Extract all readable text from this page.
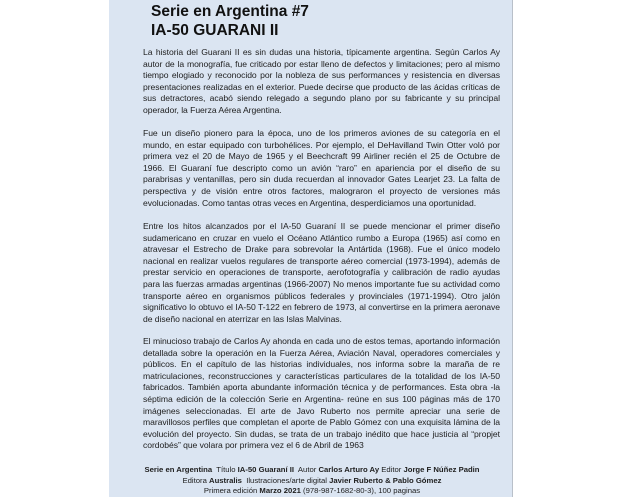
Serie en Argentina #7
IA-50 GUARANI II

La historia del Guarani II es sin dudas una historia, típicamente argentina. Según Carlos Ay autor de la monografía, fue criticado por estar lleno de defectos y limitaciones; pero al mismo tiempo elogiado y reconocido por la nobleza de sus performances y resistencia en diversas presentaciones realizadas en el exterior. Puede decirse que producto de las ácidas críticas de sus detractores, acabó siendo relegado a segundo plano por su fabricante y su principal operador, la Fuerza Aérea Argentina.

Fue un diseño pionero para la época, uno de los primeros aviones de su categoría en el mundo, en estar equipado con turbohélices. Por ejemplo, el DeHavilland Twin Otter voló por primera vez el 20 de Mayo de 1965 y el Beechcraft 99 Airliner recién el 25 de Octubre de 1966. El Guaraní fue descripto como un avión “raro” en apariencia por el diseño de su parabrisas y ventanillas, pero sin duda recuerdan al innovador Gates Learjet 23. La falta de perspectiva y de visión entre otros factores, malograron el proyecto de versiones más evolucionadas. Como tantas otras veces en Argentina, desperdiciamos una oportunidad.

Entre los hitos alcanzados por el IA-50 Guaraní II se puede mencionar el primer diseño sudamericano en cruzar en vuelo el Océano Atlántico rumbo a Europa (1965) así como en atravesar el Estrecho de Drake para sobrevolar la Antártida (1968). Fue el único modelo nacional en realizar vuelos regulares de transporte aéreo comercial (1973-1994), además de prestar servicio en operaciones de transporte, aerofotografía y calibración de radio ayudas para las fuerzas armadas argentinas (1966-2007) No menos importante fue su actividad como transporte aéreo en organismos públicos federales y provinciales (1971-1994). Otro jalón significativo lo obtuvo el IA-50 T-122 en febrero de 1973, al convertirse en la primera aeronave de diseño nacional en aterrizar en las Islas Malvinas.

El minucioso trabajo de Carlos Ay ahonda en cada uno de estos temas, aportando información detallada sobre la operación en la Fuerza Aérea, Aviación Naval, operadores comerciales y públicos. En el capítulo de las historias individuales, nos informa sobre la maraña de re matriculaciones, reconstrucciones y características particulares de la totalidad de los IA-50 fabricados. También aporta abundante información técnica y de performances. Esta obra -la séptima edición de la colección Serie en Argentina- reúne en sus 100 páginas más de 170 imágenes seleccionadas. El arte de Javo Ruberto nos permite apreciar una serie de maravillosos perfiles que completan el aporte de Pablo Gómez con una exquisita lámina de la evolución del proyecto. Sin dudas, se trata de un trabajo inédito que hace justicia al “propjet cordobés” que volara por primera vez el 6 de Abril de 1963

Serie en Argentina Título IA-50 Guaraní II Autor Carlos Arturo Ay Editor Jorge F Núñez Padin
Editora Australis Ilustraciones/arte digital Javier Ruberto & Pablo Gómez
Primera edición Marzo 2021 (978-987-1682-80-3), 100 paginas
